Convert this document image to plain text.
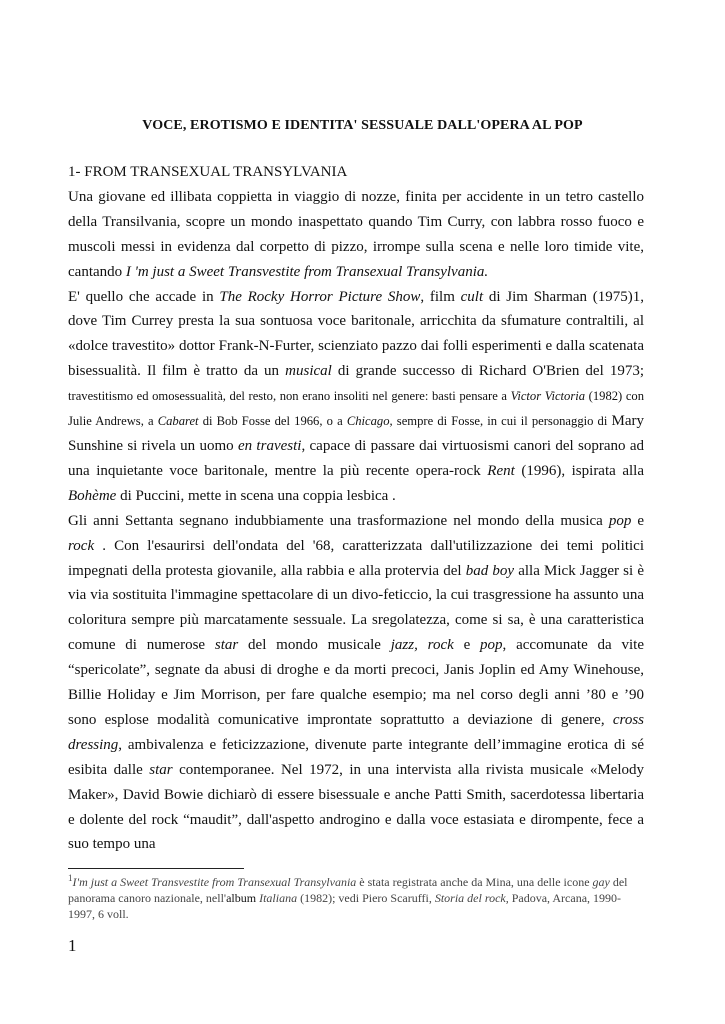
VOCE, EROTISMO E IDENTITA' SESSUALE DALL'OPERA AL POP

1- FROM TRANSEXUAL TRANSYLVANIA

Una giovane ed illibata coppietta in viaggio di nozze, finita per accidente in un tetro castello della Transilvania, scopre un mondo inaspettato quando Tim Curry, con labbra rosso fuoco e muscoli messi in evidenza dal corpetto di pizzo, irrompe sulla scena e nelle loro timide vite, cantando I 'm just a Sweet Transvestite from Transexual Transylvania.

E' quello che accade in The Rocky Horror Picture Show, film cult di Jim Sharman (1975)1, dove Tim Currey presta la sua sontuosa voce baritonale, arricchita da sfumature contraltili, al «dolce travestito» dottor Frank-N-Furter, scienziato pazzo dai folli esperimenti e dalla scatenata bisessualità. Il film è tratto da un musical di grande successo di Richard O'Brien del 1973; travestitismo ed omosessualità, del resto, non erano insoliti nel genere: basti pensare a Victor Victoria (1982) con Julie Andrews, a Cabaret di Bob Fosse del 1966, o a Chicago, sempre di Fosse, in cui il personaggio di Mary Sunshine si rivela un uomo en travesti, capace di passare dai virtuosismi canori del soprano ad una inquietante voce baritonale, mentre la più recente opera-rock Rent (1996), ispirata alla Bohème di Puccini, mette in scena una coppia lesbica .

Gli anni Settanta segnano indubbiamente una trasformazione nel mondo della musica pop e rock . Con l'esaurirsi dell'ondata del '68, caratterizzata dall'utilizzazione dei temi politici impegnati della protesta giovanile, alla rabbia e alla protervia del bad boy alla Mick Jagger si è via via sostituita l'immagine spettacolare di un divo-feticcio, la cui trasgressione ha assunto una coloritura sempre più marcatamente sessuale. La sregolatezza, come si sa, è una caratteristica comune di numerose star del mondo musicale jazz, rock e pop, accomunate da vite “spericolate”, segnate da abusi di droghe e da morti precoci, Janis Joplin ed Amy Winehouse, Billie Holiday e Jim Morrison, per fare qualche esempio; ma nel corso degli anni ’80 e ’90 sono esplose modalità comunicative improntate soprattutto a deviazione di genere, cross dressing, ambivalenza e feticizzazione, divenute parte integrante dell’immagine erotica di sé esibita dalle star contemporanee. Nel 1972, in una intervista alla rivista musicale «Melody Maker», David Bowie dichiarò di essere bisessuale e anche Patti Smith, sacerdotessa libertaria e dolente del rock “maudit”, dall'aspetto androgino e dalla voce estasiata e dirompente, fece a suo tempo una

$^1$I'm just a Sweet Transvestite from Transexual Transylvania è stata registrata anche da Mina, una delle icone gay del panorama canoro nazionale, nell'album Italiana (1982); vedi Piero Scaruffi, Storia del rock, Padova, Arcana, 1990-1997, 6 voll.
1
